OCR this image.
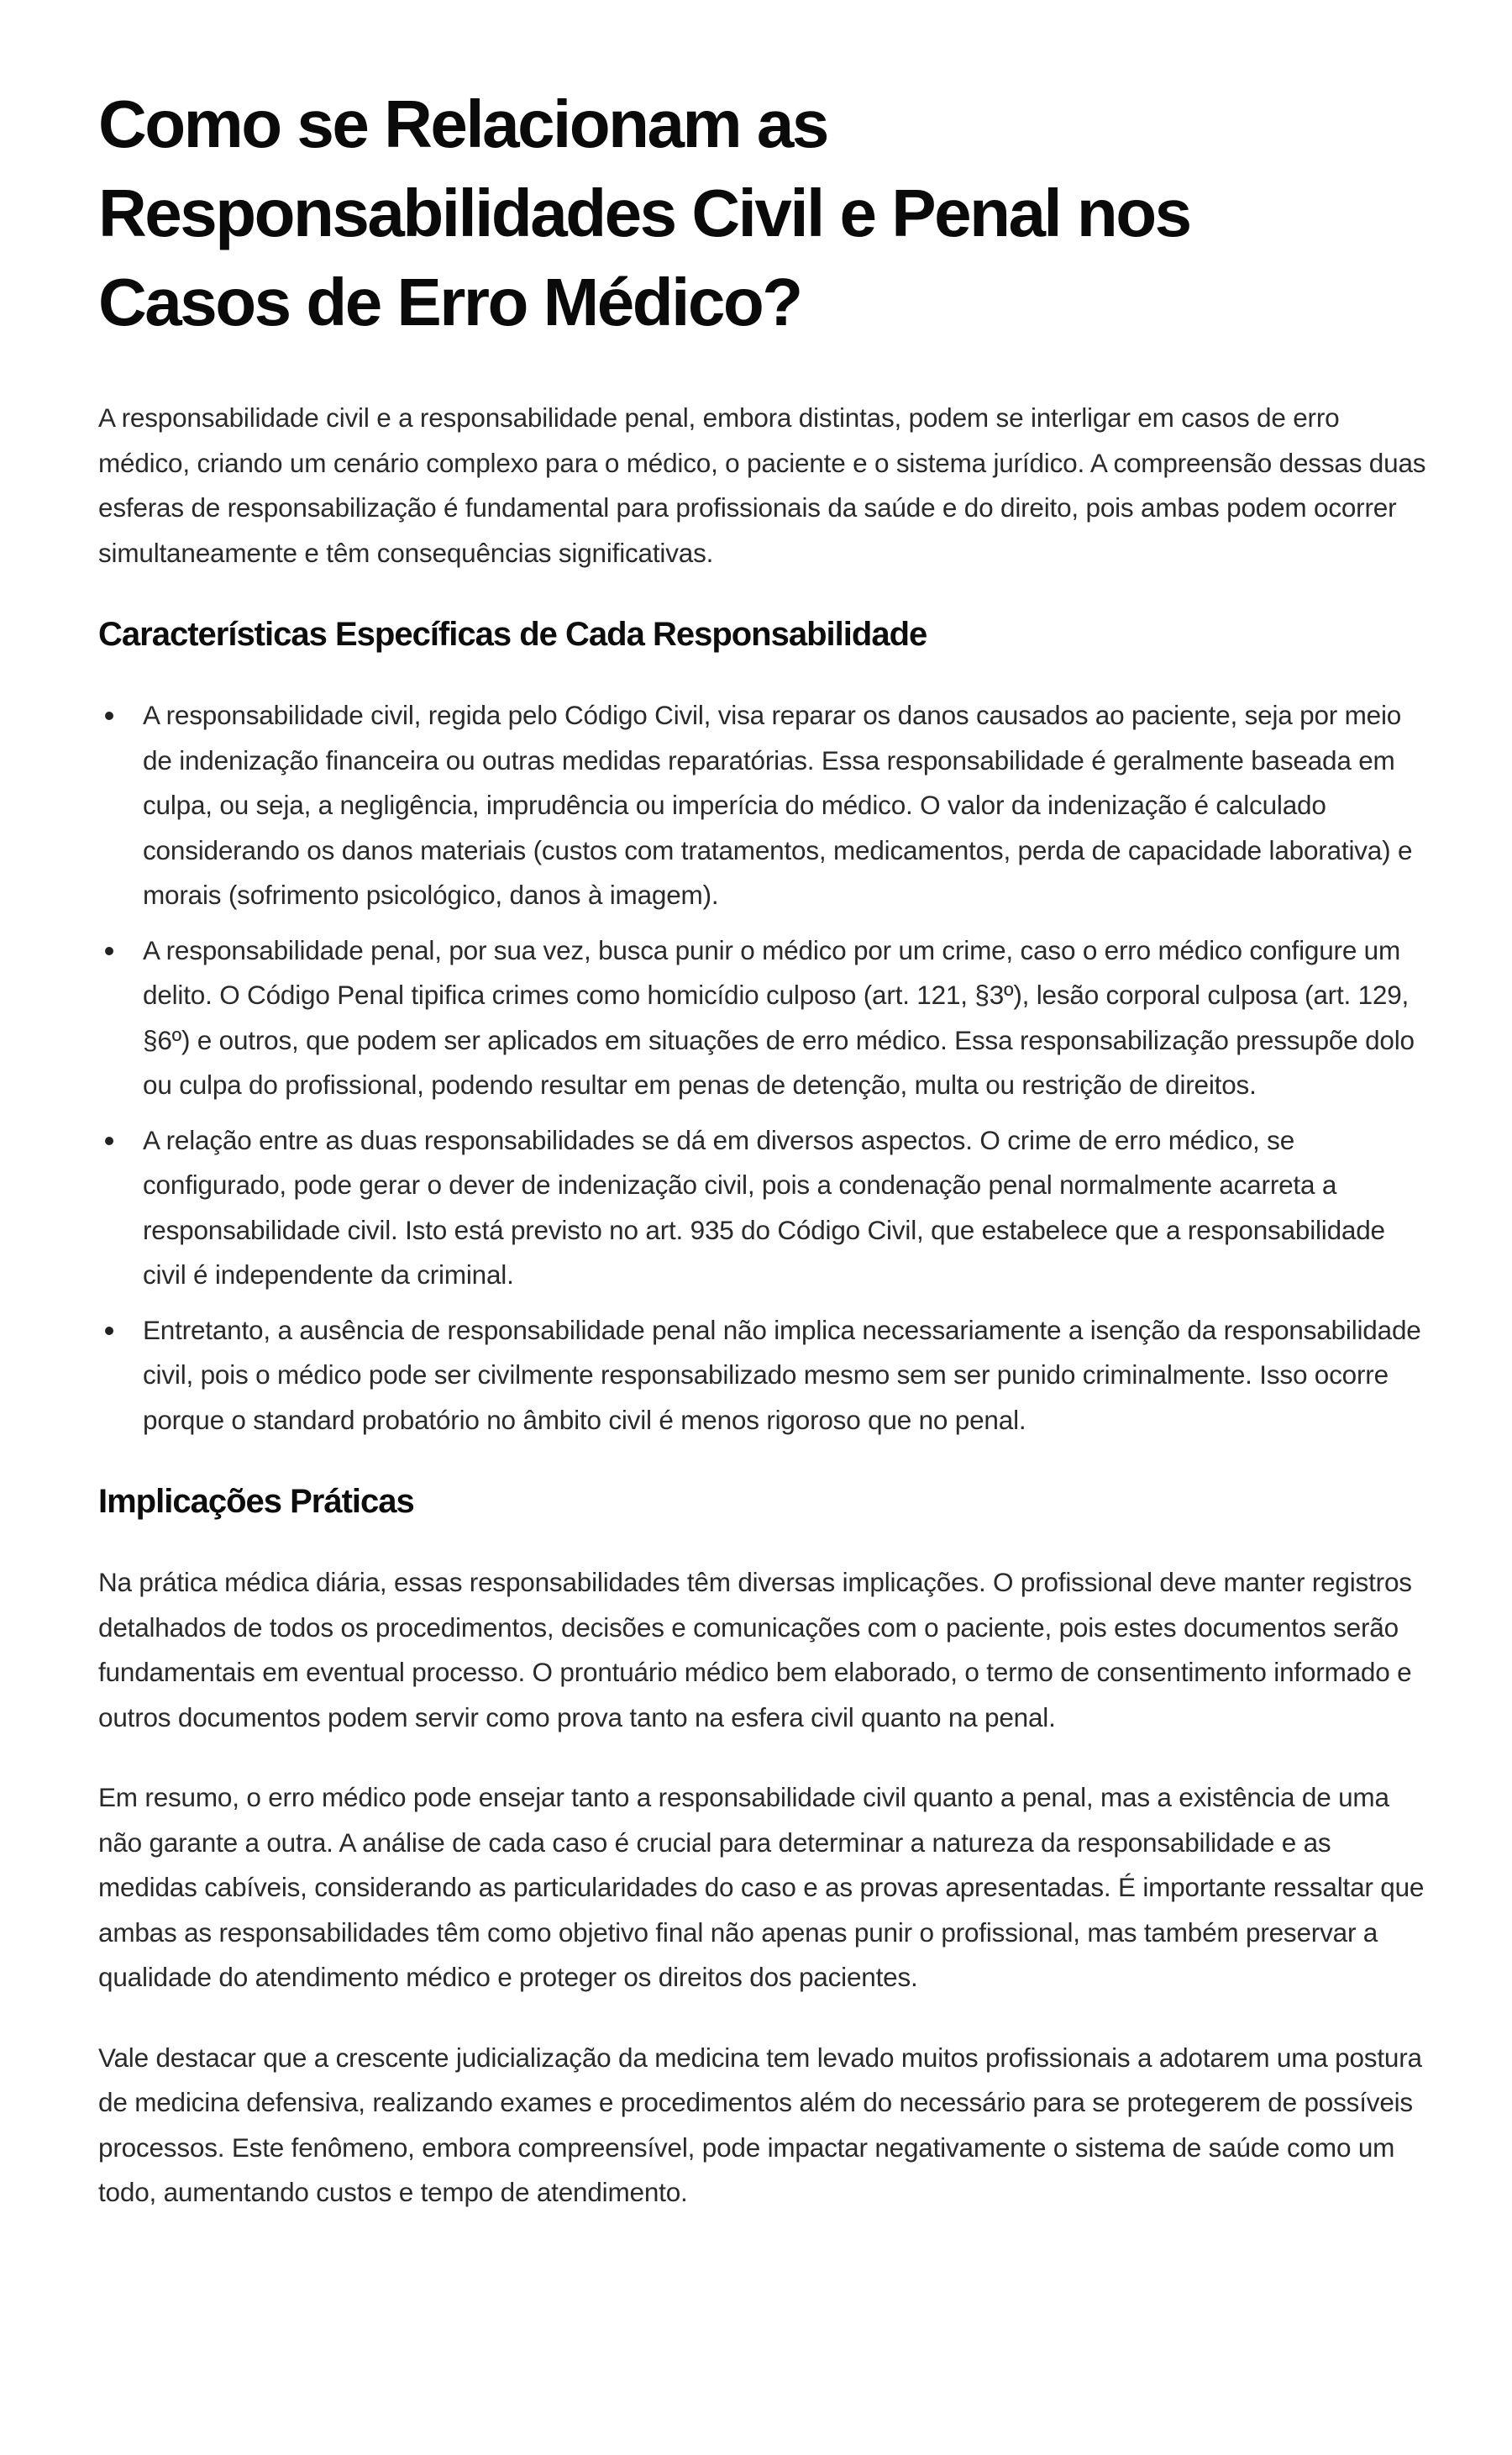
Como se Relacionam as Responsabilidades Civil e Penal nos Casos de Erro Médico?

A responsabilidade civil e a responsabilidade penal, embora distintas, podem se interligar em casos de erro médico, criando um cenário complexo para o médico, o paciente e o sistema jurídico. A compreensão dessas duas esferas de responsabilização é fundamental para profissionais da saúde e do direito, pois ambas podem ocorrer simultaneamente e têm consequências significativas.

Características Específicas de Cada Responsabilidade
A responsabilidade civil, regida pelo Código Civil, visa reparar os danos causados ao paciente, seja por meio de indenização financeira ou outras medidas reparatórias. Essa responsabilidade é geralmente baseada em culpa, ou seja, a negligência, imprudência ou imperícia do médico. O valor da indenização é calculado considerando os danos materiais (custos com tratamentos, medicamentos, perda de capacidade laborativa) e morais (sofrimento psicológico, danos à imagem).
A responsabilidade penal, por sua vez, busca punir o médico por um crime, caso o erro médico configure um delito. O Código Penal tipifica crimes como homicídio culposo (art. 121, §3º), lesão corporal culposa (art. 129, §6º) e outros, que podem ser aplicados em situações de erro médico. Essa responsabilização pressupõe dolo ou culpa do profissional, podendo resultar em penas de detenção, multa ou restrição de direitos.
A relação entre as duas responsabilidades se dá em diversos aspectos. O crime de erro médico, se configurado, pode gerar o dever de indenização civil, pois a condenação penal normalmente acarreta a responsabilidade civil. Isto está previsto no art. 935 do Código Civil, que estabelece que a responsabilidade civil é independente da criminal.
Entretanto, a ausência de responsabilidade penal não implica necessariamente a isenção da responsabilidade civil, pois o médico pode ser civilmente responsabilizado mesmo sem ser punido criminalmente. Isso ocorre porque o standard probatório no âmbito civil é menos rigoroso que no penal.
Implicações Práticas

Na prática médica diária, essas responsabilidades têm diversas implicações. O profissional deve manter registros detalhados de todos os procedimentos, decisões e comunicações com o paciente, pois estes documentos serão fundamentais em eventual processo. O prontuário médico bem elaborado, o termo de consentimento informado e outros documentos podem servir como prova tanto na esfera civil quanto na penal.

Em resumo, o erro médico pode ensejar tanto a responsabilidade civil quanto a penal, mas a existência de uma não garante a outra. A análise de cada caso é crucial para determinar a natureza da responsabilidade e as medidas cabíveis, considerando as particularidades do caso e as provas apresentadas. É importante ressaltar que ambas as responsabilidades têm como objetivo final não apenas punir o profissional, mas também preservar a qualidade do atendimento médico e proteger os direitos dos pacientes.

Vale destacar que a crescente judicialização da medicina tem levado muitos profissionais a adotarem uma postura de medicina defensiva, realizando exames e procedimentos além do necessário para se protegerem de possíveis processos. Este fenômeno, embora compreensível, pode impactar negativamente o sistema de saúde como um todo, aumentando custos e tempo de atendimento.
